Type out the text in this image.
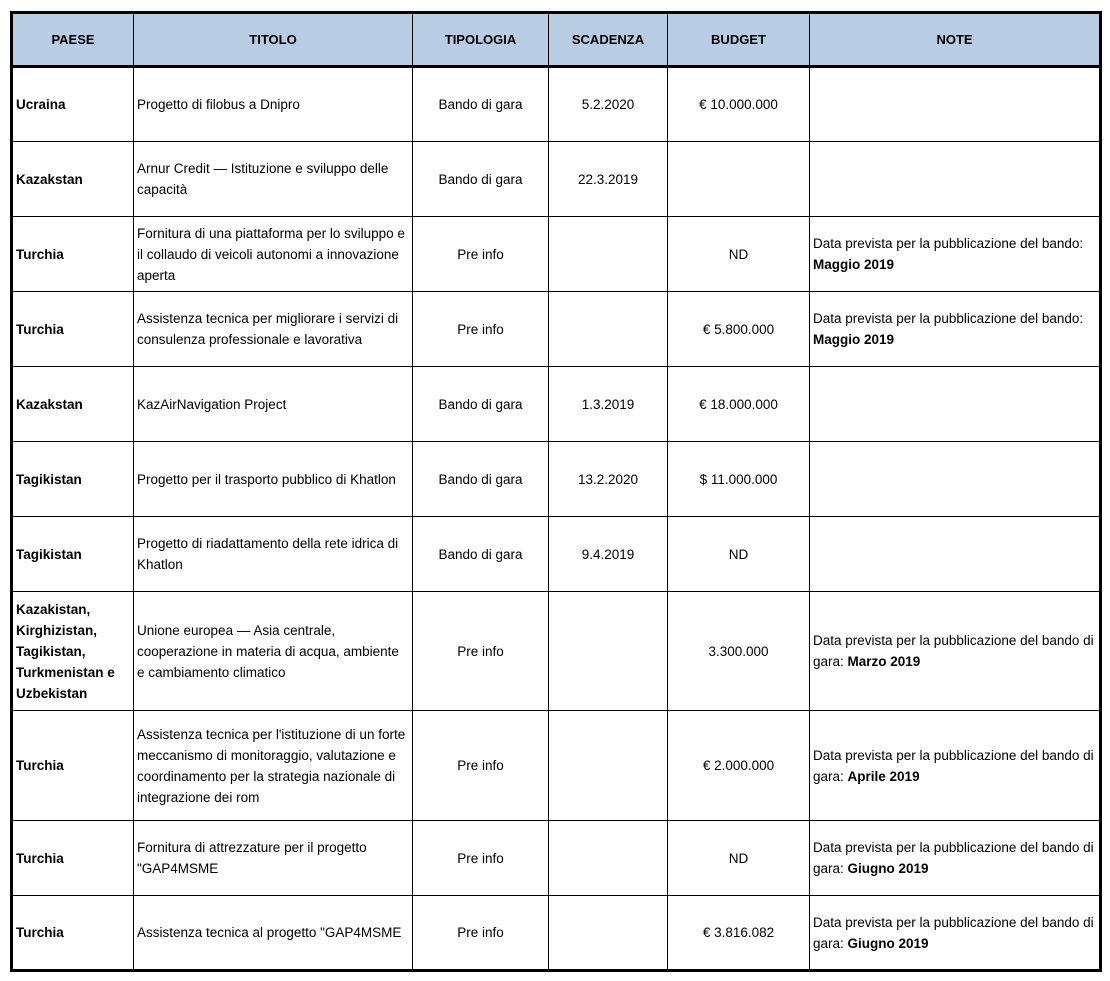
PAESE	TITOLO	TIPOLOGIA	SCADENZA	BUDGET	NOTE
Ucraina	Progetto di filobus a Dnipro	Bando di gara	5.2.2020	€ 10.000.000	
Kazakstan	Arnur Credit — Istituzione e sviluppo delle capacità	Bando di gara	22.3.2019		
Turchia	Fornitura di una piattaforma per lo sviluppo e il collaudo di veicoli autonomi a innovazione aperta	Pre info		ND	Data prevista per la pubblicazione del bando: Maggio 2019
Turchia	Assistenza tecnica per migliorare i servizi di consulenza professionale e lavorativa	Pre info		€ 5.800.000	Data prevista per la pubblicazione del bando: Maggio 2019
Kazakstan	KazAirNavigation Project	Bando di gara	1.3.2019	€ 18.000.000	
Tagikistan	Progetto per il trasporto pubblico di Khatlon	Bando di gara	13.2.2020	$ 11.000.000	
Tagikistan	Progetto di riadattamento della rete idrica di Khatlon	Bando di gara	9.4.2019	ND	
Kazakistan, Kirghizistan, Tagikistan, Turkmenistan e Uzbekistan	Unione europea — Asia centrale, cooperazione in materia di acqua, ambiente e cambiamento climatico	Pre info		3.300.000	Data prevista per la pubblicazione del bando di gara: Marzo 2019
Turchia	Assistenza tecnica per l'istituzione di un forte meccanismo di monitoraggio, valutazione e coordinamento per la strategia nazionale di integrazione dei rom	Pre info		€ 2.000.000	Data prevista per la pubblicazione del bando di gara: Aprile 2019
Turchia	Fornitura di attrezzature per il progetto "GAP4MSME	Pre info		ND	Data prevista per la pubblicazione del bando di gara: Giugno 2019
Turchia	Assistenza tecnica al progetto "GAP4MSME	Pre info		€ 3.816.082	Data prevista per la pubblicazione del bando di gara: Giugno 2019
